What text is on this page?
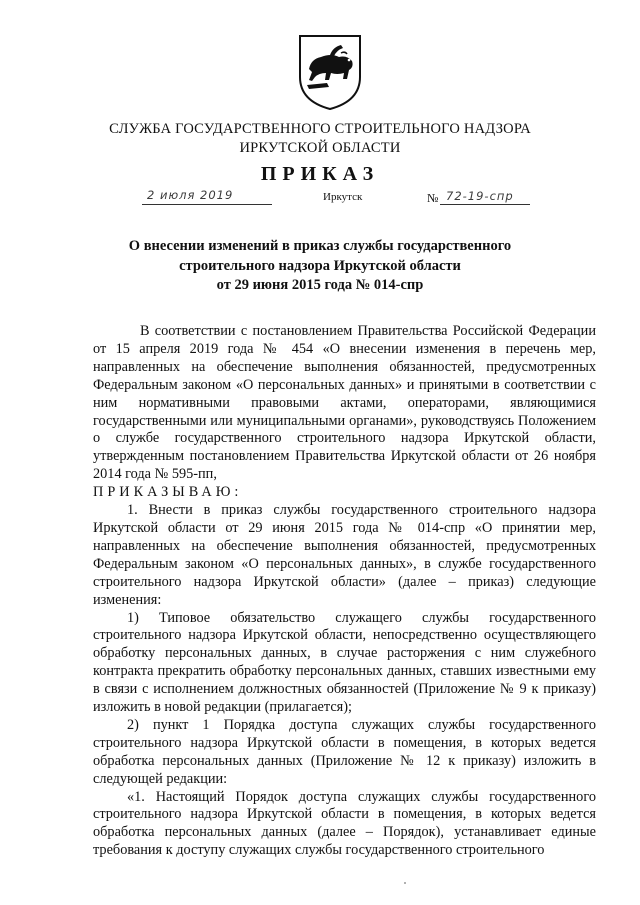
СЛУЖБА ГОСУДАРСТВЕННОГО СТРОИТЕЛЬНОГО НАДЗОРА
ИРКУТСКОЙ ОБЛАСТИ
ПРИКАЗ
2 июля 2019	Иркутск	№ 72-19-спр
О внесении изменений в приказ службы государственного
строительного надзора Иркутской области
от 29 июня 2015 года № 014-спр

В соответствии с постановлением Правительства Российской Федерации от 15 апреля 2019 года № 454 «О внесении изменения в перечень мер, направленных на обеспечение выполнения обязанностей, предусмотренных Федеральным законом «О персональных данных» и принятыми в соответствии с ним нормативными правовыми актами, операторами, являющимися государственными или муниципальными органами», руководствуясь Положением о службе государственного строительного надзора Иркутской области, утвержденным постановлением Правительства Иркутской области от 26 ноября 2014 года № 595-пп,

ПРИКАЗЫВАЮ:

1. Внести в приказ службы государственного строительного надзора Иркутской области от 29 июня 2015 года № 014-спр «О принятии мер, направленных на обеспечение выполнения обязанностей, предусмотренных Федеральным законом «О персональных данных», в службе государственного строительного надзора Иркутской области» (далее – приказ) следующие изменения:

1) Типовое обязательство служащего службы государственного строительного надзора Иркутской области, непосредственно осуществляющего обработку персональных данных, в случае расторжения с ним служебного контракта прекратить обработку персональных данных, ставших известными ему в связи с исполнением должностных обязанностей (Приложение № 9 к приказу) изложить в новой редакции (прилагается);

2) пункт 1 Порядка доступа служащих службы государственного строительного надзора Иркутской области в помещения, в которых ведется обработка персональных данных (Приложение № 12 к приказу) изложить в следующей редакции:

«1. Настоящий Порядок доступа служащих службы государственного строительного надзора Иркутской области в помещения, в которых ведется обработка персональных данных (далее – Порядок), устанавливает единые требования к доступу служащих службы государственного строительного
